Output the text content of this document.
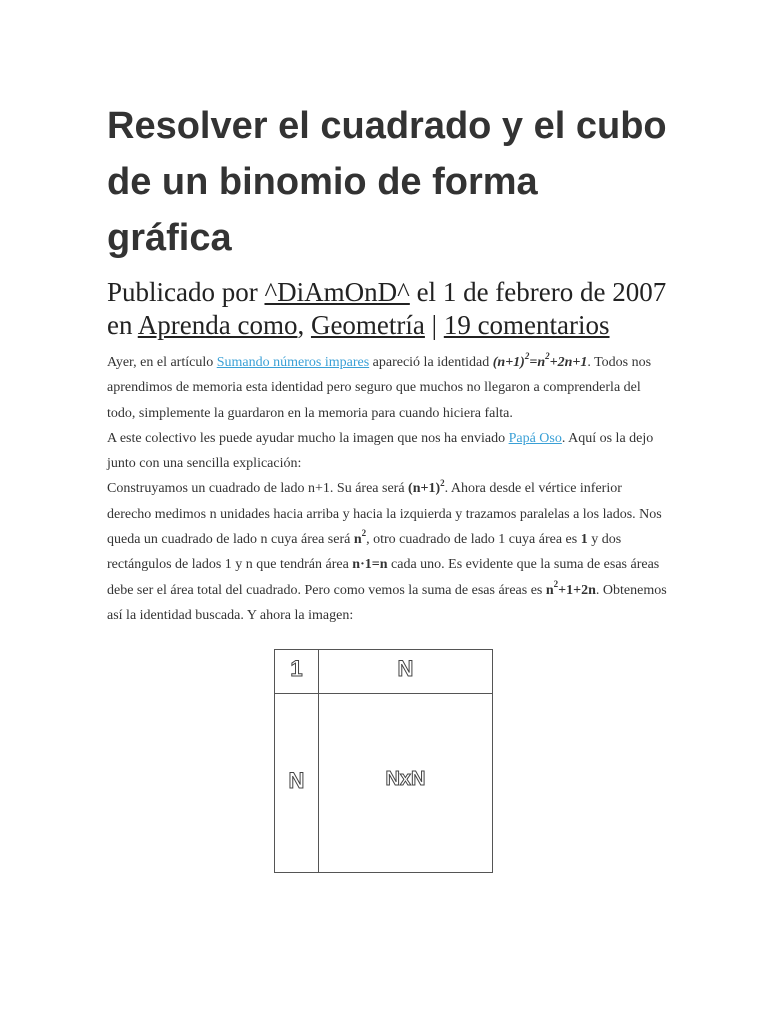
Resolver el cuadrado y el cubo de un binomio de forma gráfica
Publicado por ^DiAmOnD^ el 1 de febrero de 2007 en Aprenda como, Geometría | 19 comentarios

Ayer, en el artículo Sumando números impares apareció la identidad $(n+1)^2=n^2+2n+1$. Todos nos aprendimos de memoria esta identidad pero seguro que muchos no llegaron a comprenderla del todo, simplemente la guardaron en la memoria para cuando hiciera falta.

A este colectivo les puede ayudar mucho la imagen que nos ha enviado Papá Oso. Aquí os la dejo junto con una sencilla explicación:

Construyamos un cuadrado de lado n+1. Su área será $(n+1)^2$. Ahora desde el vértice inferior derecho medimos n unidades hacia arriba y hacia la izquierda y trazamos paralelas a los lados. Nos queda un cuadrado de lado n cuya área será $n^2$, otro cuadrado de lado 1 cuya área es 1 y dos rectángulos de lados 1 y n que tendrán área n·1=n cada uno. Es evidente que la suma de esas áreas debe ser el área total del cuadrado. Pero como vemos la suma de esas áreas es $n^2+1+2n$. Obtenemos así la identidad buscada. Y ahora la imagen:

1	N
N	NxN
